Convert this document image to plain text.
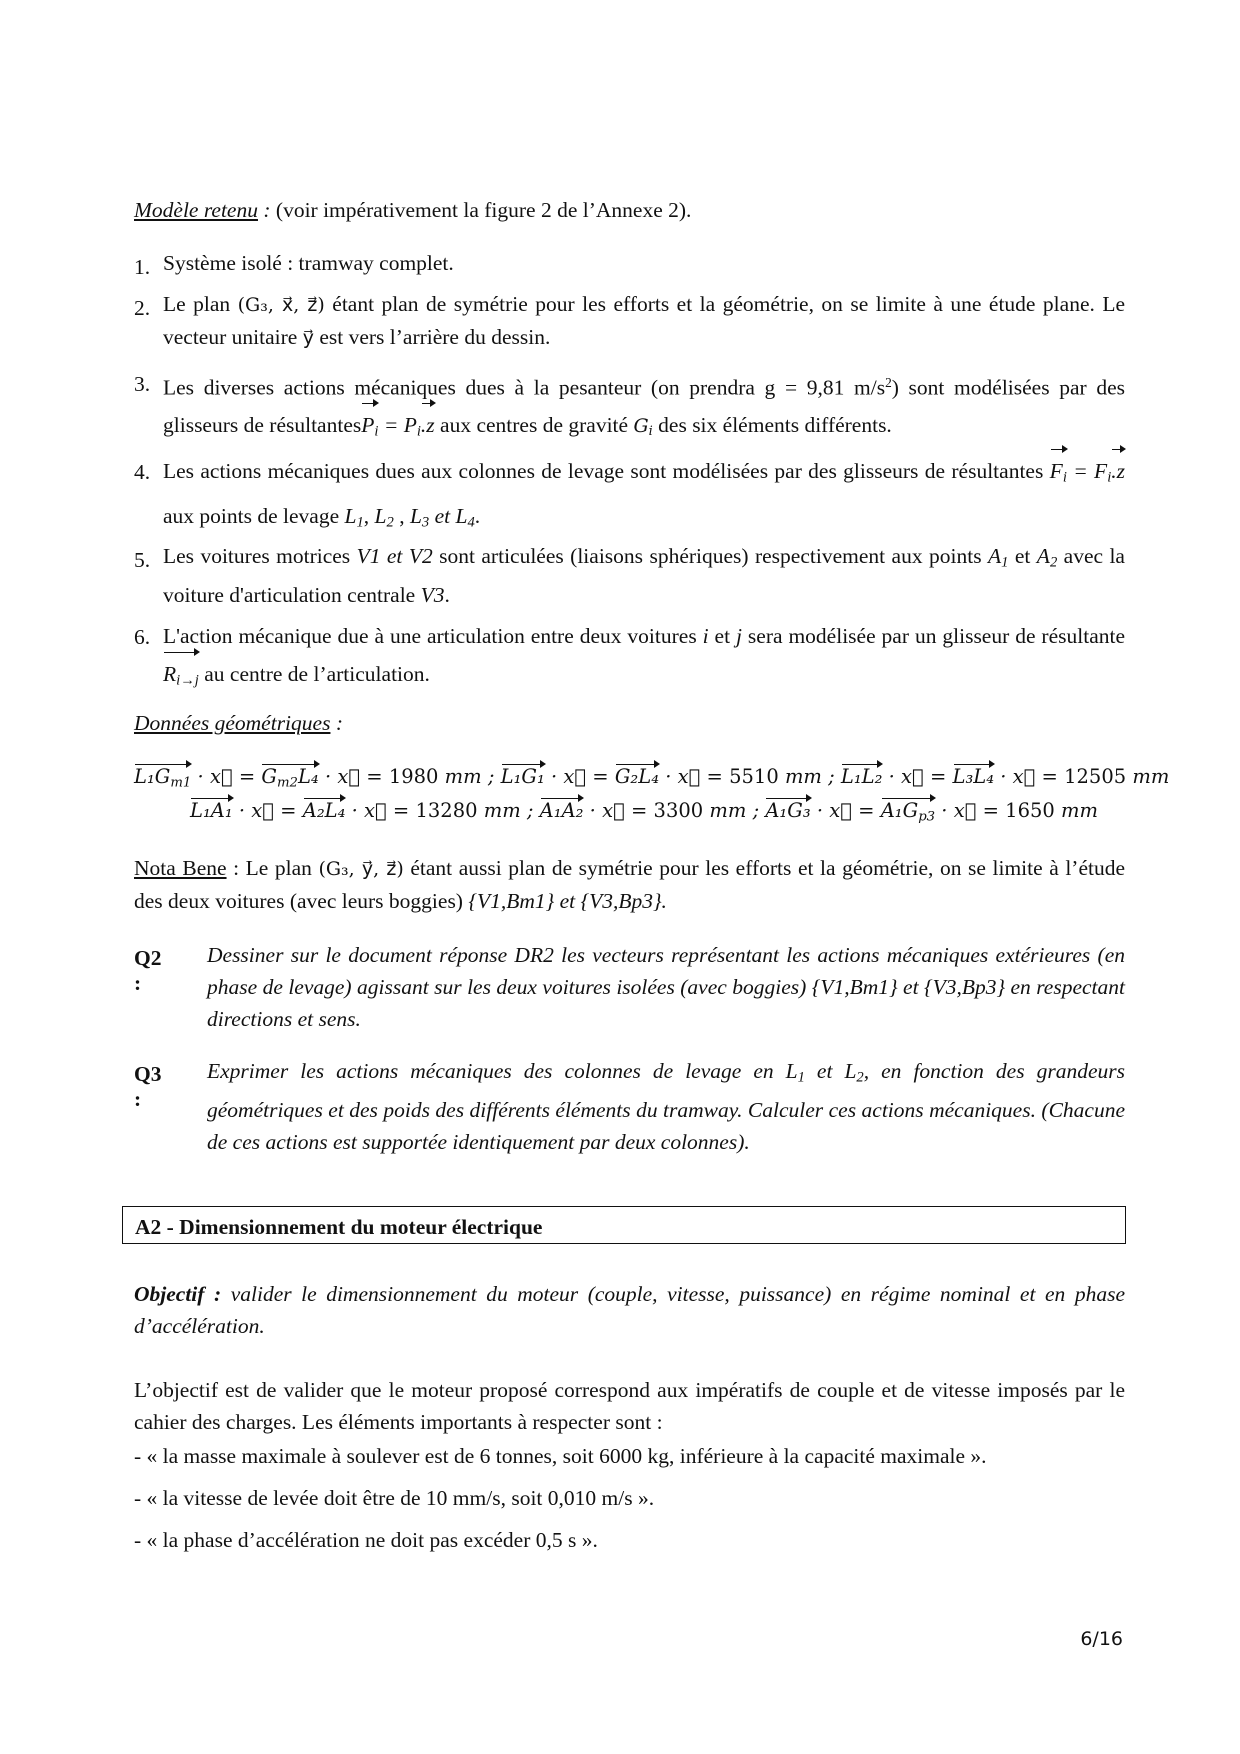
Modèle retenu : (voir impérativement la figure 2 de l’Annexe 2).
1. Système isolé : tramway complet.
2. Le plan (G₃, x⃗, z⃗) étant plan de symétrie pour les efforts et la géométrie, on se limite à une étude plane. Le vecteur unitaire y⃗ est vers l’arrière du dessin.
3. Les diverses actions mécaniques dues à la pesanteur (on prendra g = 9,81 $m/s^2$) sont modélisées par des glisseurs de résultantesP$_i$ = $P_i.z$ aux centres de gravité $G_i$ des six éléments différents.
4. Les actions mécaniques dues aux colonnes de levage sont modélisées par des glisseurs de résultantes $F_i = F_i.z$ aux points de levage $L_1$, $L_2$ , $L_3$ et $L_4$.
5. Les voitures motrices V1 et V2 sont articulées (liaisons sphériques) respectivement aux points $A_1$ et $A_2$ avec la voiture d'articulation centrale V3.
6. L'action mécanique due à une articulation entre deux voitures i et j sera modélisée par un glisseur de résultante $R_{i\to j}$ au centre de l’articulation.
Données géométriques :
$L_1G_{m1}$ · x⃗ = $G_{m2}L_4$ · x⃗ = 1980 mm ; L₁G₁ · x⃗ = G₂L₄ · x⃗ = 5510 mm ; L₁L₂ · x⃗ = L₃L₄ · x⃗ = 12505 mm
L₁A₁ · x⃗ = A₂L₄ · x⃗ = 13280 mm ; A₁A₂ · x⃗ = 3300 mm ; A₁G₃ · x⃗ = $A_1G_{p3}$ · x⃗ = 1650 mm
Nota Bene : Le plan (G₃, y⃗, z⃗) étant aussi plan de symétrie pour les efforts et la géométrie, on se limite à l’étude des deux voitures (avec leurs boggies) {V1,Bm1} et {V3,Bp3}.
Q2 :
Dessiner sur le document réponse DR2 les vecteurs représentant les actions mécaniques extérieures (en phase de levage) agissant sur les deux voitures isolées (avec boggies) {V1,Bm1} et {V3,Bp3} en respectant directions et sens.
Q3 :
Exprimer les actions mécaniques des colonnes de levage en $L_1$ et $L_2$, en fonction des grandeurs géométriques et des poids des différents éléments du tramway. Calculer ces actions mécaniques. (Chacune de ces actions est supportée identiquement par deux colonnes).
A2 - Dimensionnement du moteur électrique
Objectif : valider le dimensionnement du moteur (couple, vitesse, puissance) en régime nominal et en phase d’accélération.
L’objectif est de valider que le moteur proposé correspond aux impératifs de couple et de vitesse imposés par le cahier des charges. Les éléments importants à respecter sont :
- « la masse maximale à soulever est de 6 tonnes, soit 6000 kg, inférieure à la capacité maximale ».
- « la vitesse de levée doit être de 10 mm/s, soit 0,010 m/s ».
- « la phase d’accélération ne doit pas excéder 0,5 s ».
6/16
